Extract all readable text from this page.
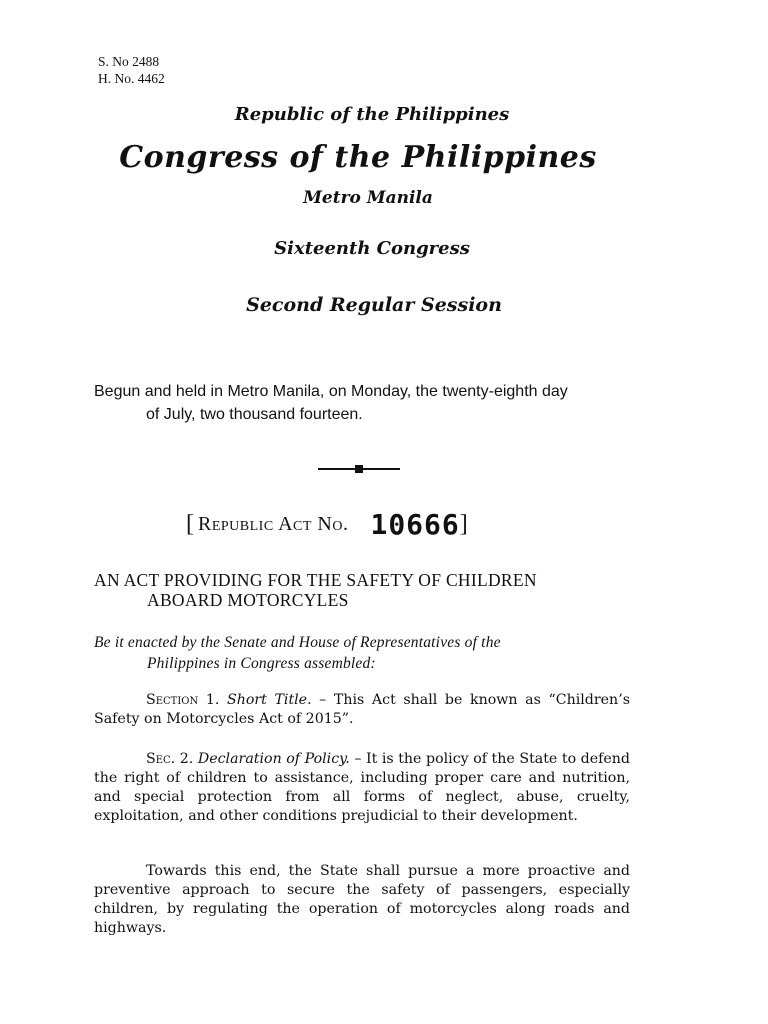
S. No 2488
H. No. 4462
Republic of the Philippines
Congress of the Philippines
Metro Manila
Sixteenth Congress
Second Regular Session
Begun and held in Metro Manila, on Monday, the twenty-eighth day
of July, two thousand fourteen.
[ Republic Act No. 10666]
AN ACT PROVIDING FOR THE SAFETY OF CHILDREN
ABOARD MOTORCYLES
Be it enacted by the Senate and House of Representatives of the
Philippines in Congress assembled:
Section 1. Short Title. – This Act shall be known as “Children’s Safety on Motorcycles Act of 2015”.
Sec. 2. Declaration of Policy. – It is the policy of the State to defend the right of children to assistance, including proper care and nutrition, and special protection from all forms of neglect, abuse, cruelty, exploitation, and other conditions prejudicial to their development.
Towards this end, the State shall pursue a more proactive and preventive approach to secure the safety of passengers, especially children, by regulating the operation of motorcycles along roads and highways.
